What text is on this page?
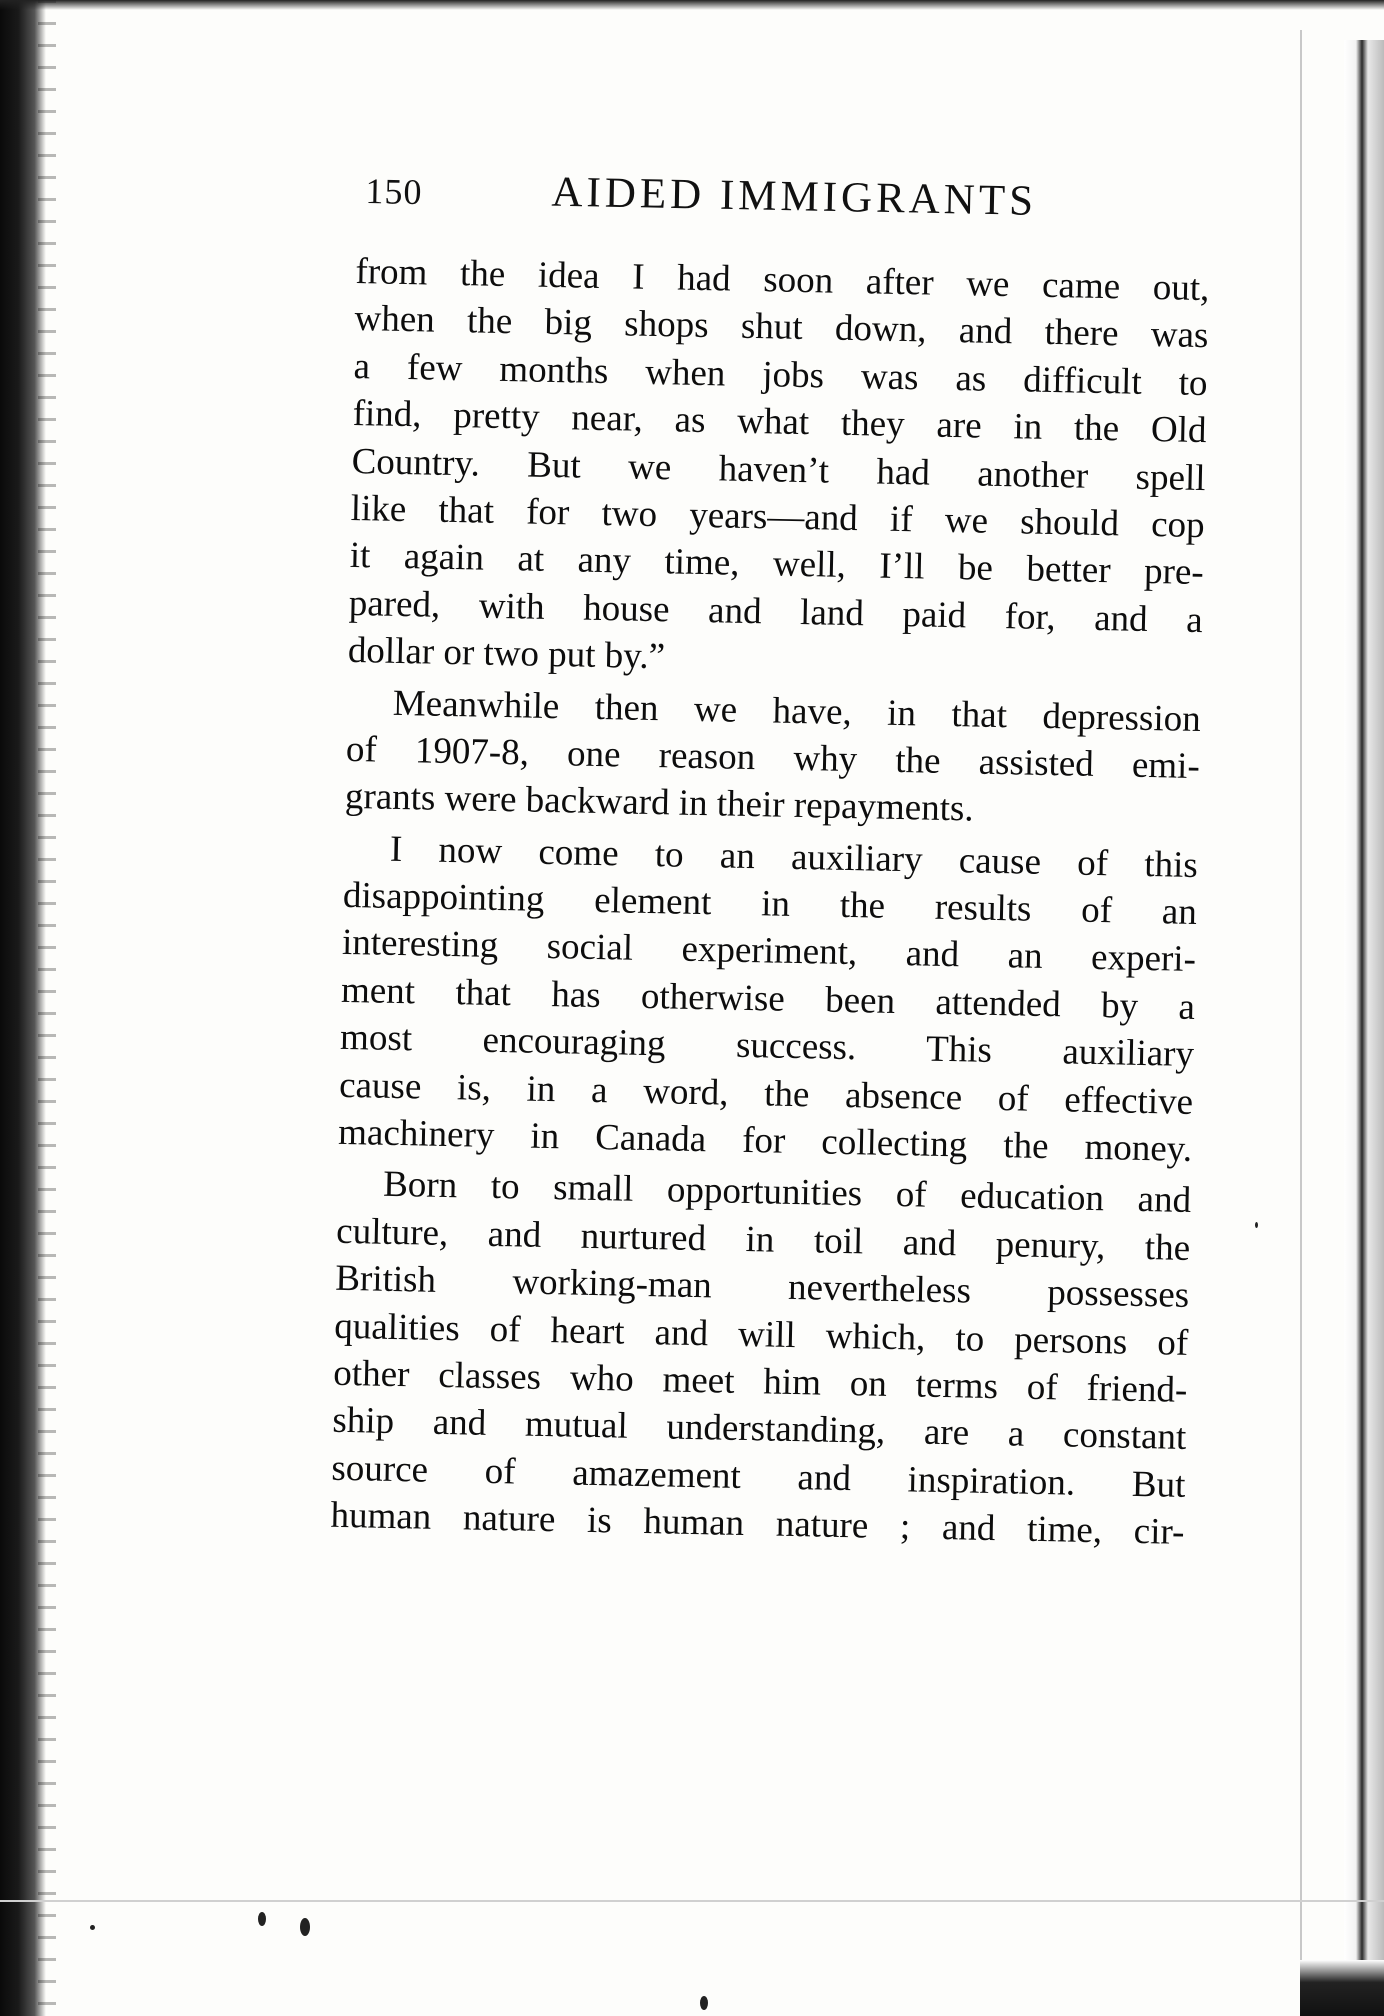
150	AIDED IMMIGRANTS
from the idea I had soon after we came out,
when the big shops shut down, and there was
a few months when jobs was as difficult to
find, pretty near, as what they are in the Old
Country. But we haven’t had another spell
like that for two years—and if we should cop
it again at any time, well, I’ll be better pre-
pared, with house and land paid for, and a
dollar or two put by.”
Meanwhile then we have, in that depression
of 1907-8, one reason why the assisted emi-
grants were backward in their repayments.
I now come to an auxiliary cause of this
disappointing element in the results of an
interesting social experiment, and an experi-
ment that has otherwise been attended by a
most encouraging success. This auxiliary
cause is, in a word, the absence of effective
machinery in Canada for collecting the money.
Born to small opportunities of education and
culture, and nurtured in toil and penury, the
British working-man nevertheless possesses
qualities of heart and will which, to persons of
other classes who meet him on terms of friend-
ship and mutual understanding, are a constant
source of amazement and inspiration. But
human nature is human nature ; and time, cir-
